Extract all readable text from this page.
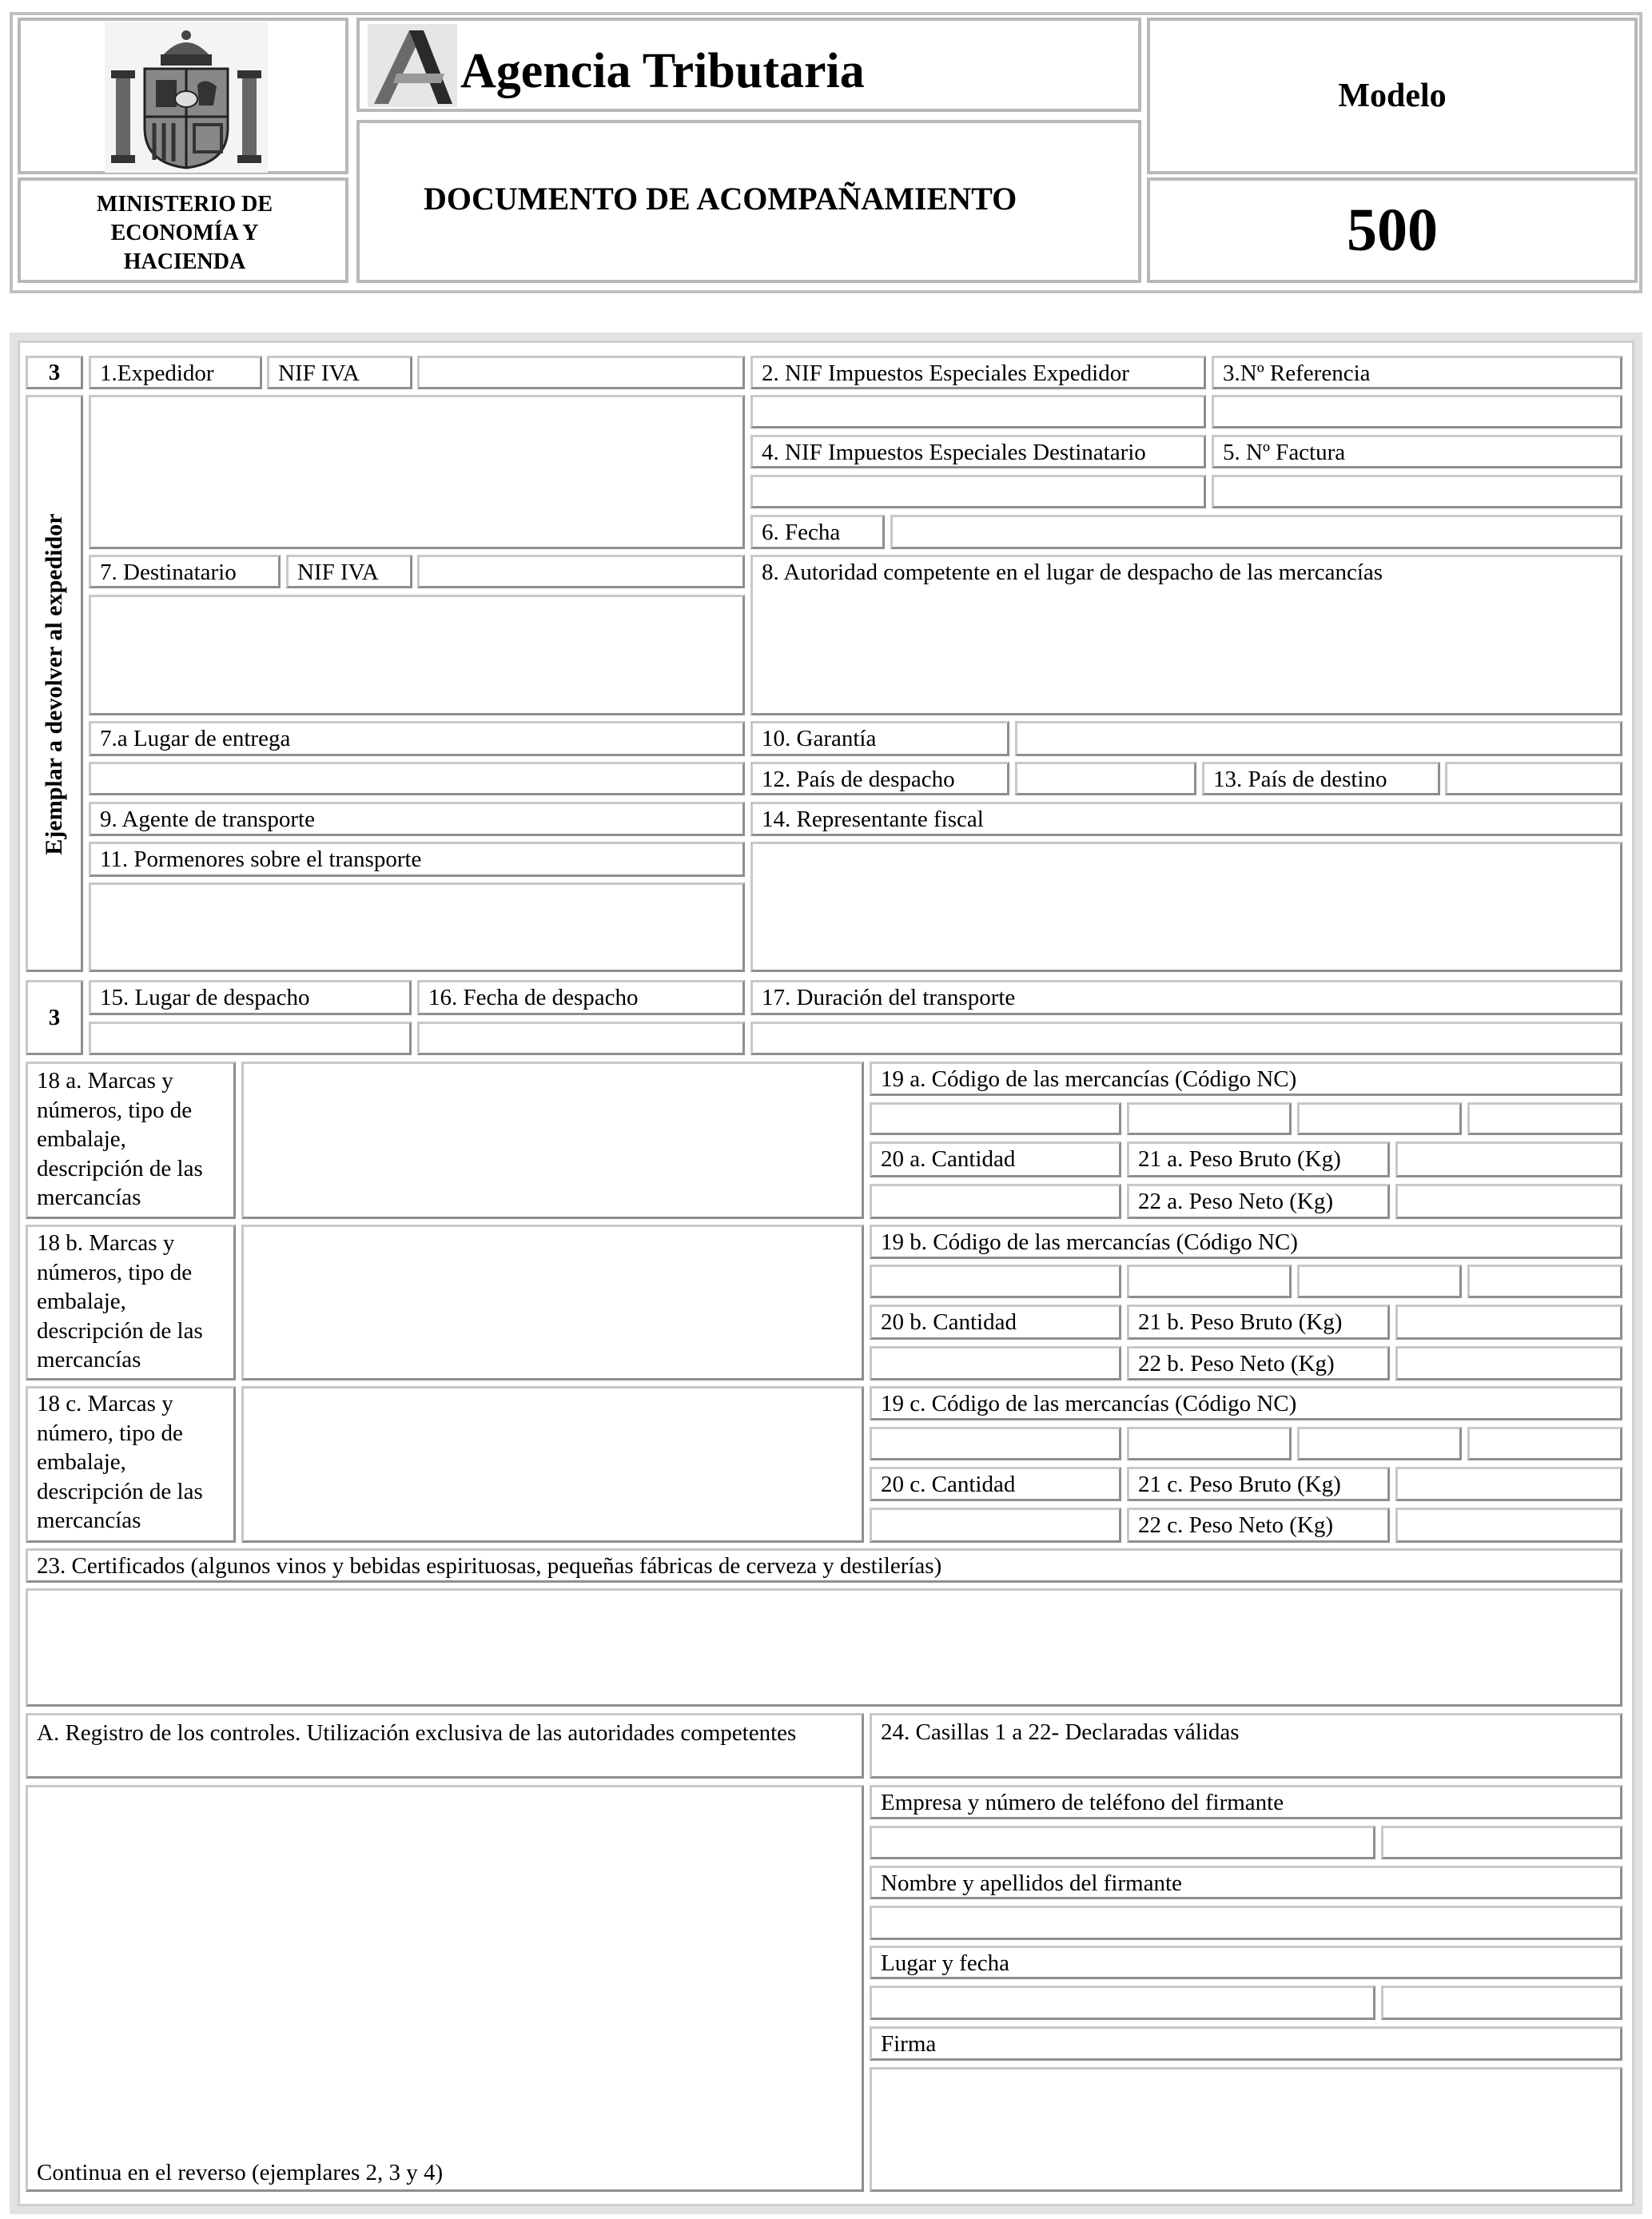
MINISTERIO DE ECONOMÍA Y HACIENDA
Agencia Tributaria
DOCUMENTO DE ACOMPAÑAMIENTO
Modelo
500
3	1.Expedidor	NIF IVA	2. NIF Impuestos Especiales Expedidor	3.Nº Referencia
Ejemplar a devolver al expedidor
4. NIF Impuestos Especiales Destinatario	5. Nº Factura
6. Fecha
7. Destinatario	NIF IVA	8. Autoridad competente en el lugar de despacho de las mercancías
7.a Lugar de entrega	10. Garantía
12. País de despacho	13. País de destino
9. Agente de transporte	14. Representante fiscal
11. Pormenores sobre el transporte
3
15. Lugar de despacho	16. Fecha de despacho	17. Duración del transporte
18 a. Marcas y números, tipo de embalaje, descripción de las mercancías
19 a. Código de las mercancías (Código NC)
20 a. Cantidad	21 a. Peso Bruto (Kg)
22 a. Peso Neto (Kg)
18 b. Marcas y números, tipo de embalaje, descripción de las mercancías
19 b. Código de las mercancías (Código NC)
20 b. Cantidad	21 b. Peso Bruto (Kg)
22 b. Peso Neto (Kg)
18 c. Marcas y número, tipo de embalaje, descripción de las mercancías
19 c. Código de las mercancías (Código NC)
20 c. Cantidad	21 c. Peso Bruto (Kg)
22 c. Peso Neto (Kg)
23. Certificados (algunos vinos y bebidas espirituosas, pequeñas fábricas de cerveza y destilerías)
A. Registro de los controles. Utilización exclusiva de las autoridades competentes
Continua en el reverso (ejemplares 2, 3 y 4)
24. Casillas 1 a 22- Declaradas válidas
Empresa y número de teléfono del firmante
Nombre y apellidos del firmante
Lugar y fecha
Firma
